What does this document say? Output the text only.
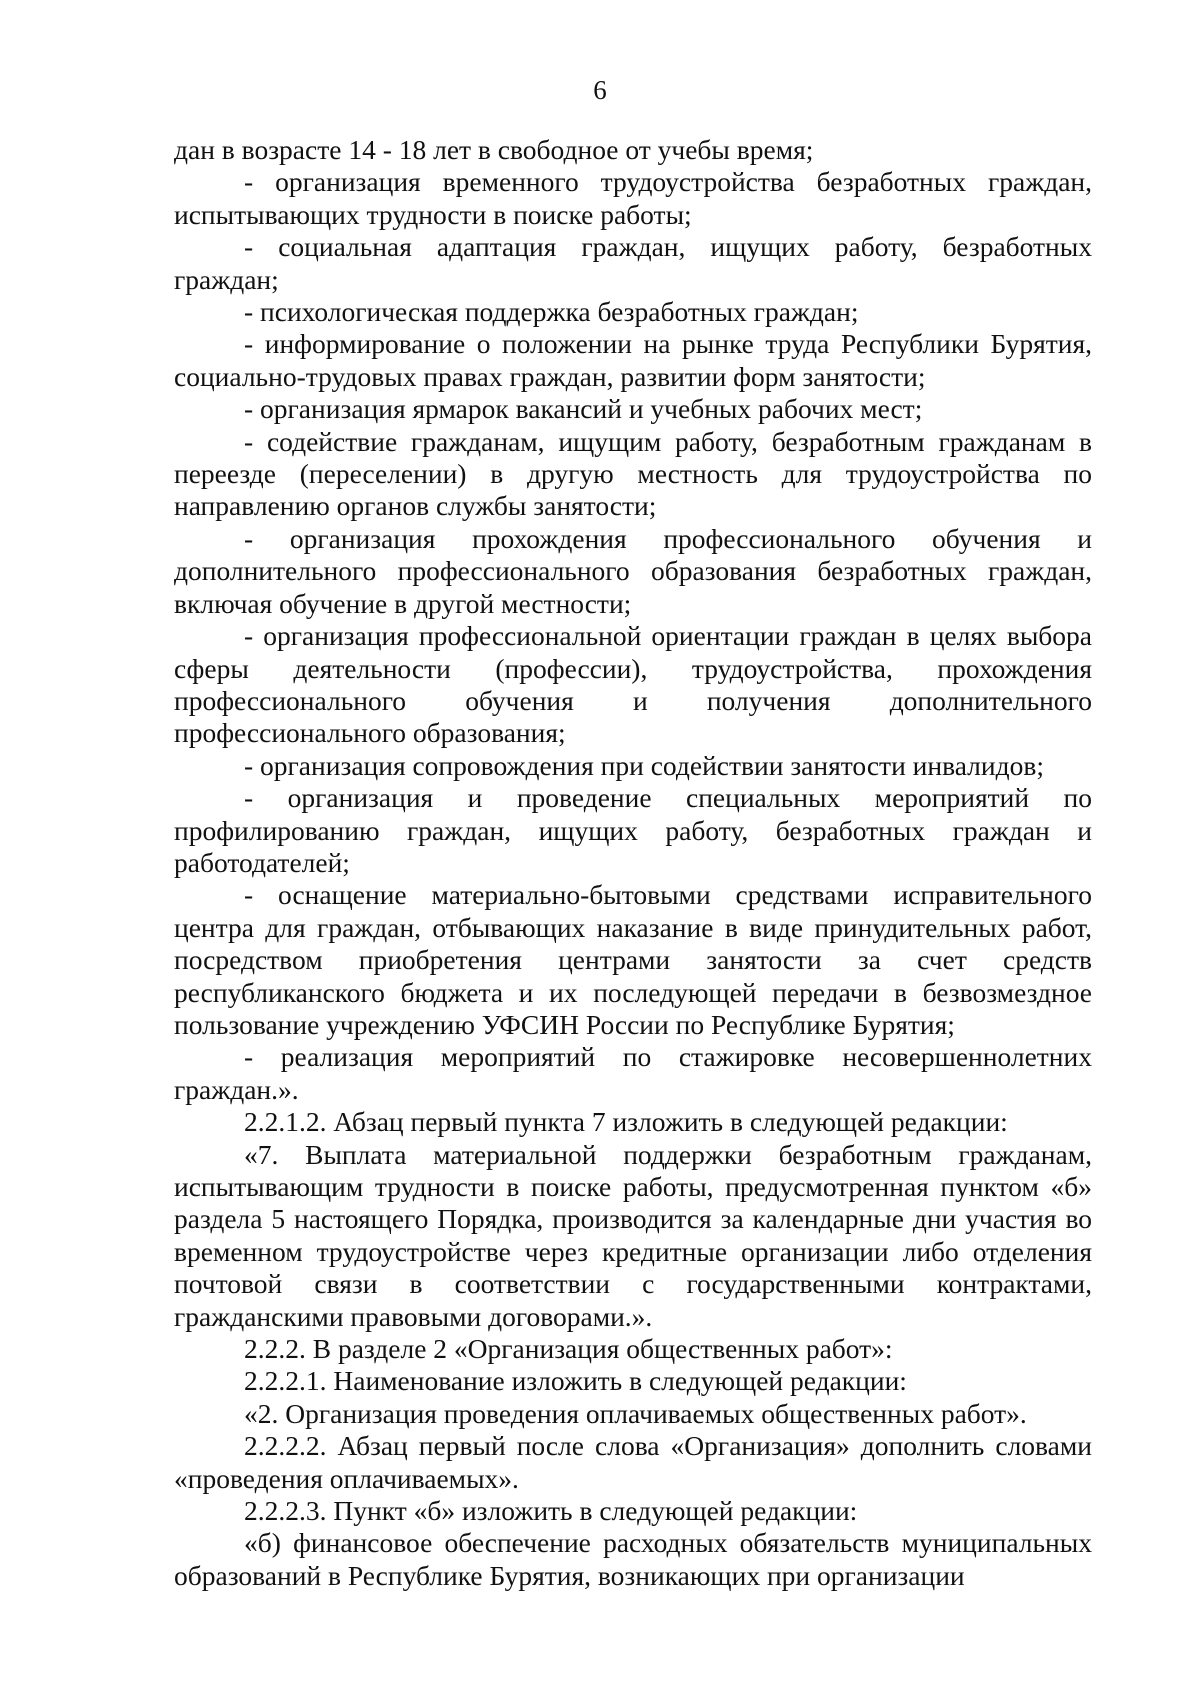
6

дан в возрасте 14 - 18 лет в свободное от учебы время;

- организация временного трудоустройства безработных граждан, испытывающих трудности в поиске работы;

- социальная адаптация граждан, ищущих работу, безработных граждан;

- психологическая поддержка безработных граждан;

- информирование о положении на рынке труда Республики Бурятия, социально-трудовых правах граждан, развитии форм занятости;

- организация ярмарок вакансий и учебных рабочих мест;

- содействие гражданам, ищущим работу, безработным гражданам в переезде (переселении) в другую местность для трудоустройства по направлению органов службы занятости;

- организация прохождения профессионального обучения и дополнительного профессионального образования безработных граждан, включая обучение в другой местности;

- организация профессиональной ориентации граждан в целях выбора сферы деятельности (профессии), трудоустройства, прохождения профессионального обучения и получения дополнительного профессионального образования;

- организация сопровождения при содействии занятости инвалидов;

- организация и проведение специальных мероприятий по профилированию граждан, ищущих работу, безработных граждан и работодателей;

- оснащение материально-бытовыми средствами исправительного центра для граждан, отбывающих наказание в виде принудительных работ, посредством приобретения центрами занятости за счет средств республиканского бюджета и их последующей передачи в безвозмездное пользование учреждению УФСИН России по Республике Бурятия;

- реализация мероприятий по стажировке несовершеннолетних граждан.».

2.2.1.2. Абзац первый пункта 7 изложить в следующей редакции:

«7. Выплата материальной поддержки безработным гражданам, испытывающим трудности в поиске работы, предусмотренная пунктом «б» раздела 5 настоящего Порядка, производится за календарные дни участия во временном трудоустройстве через кредитные организации либо отделения почтовой связи в соответствии с государственными контрактами, гражданскими правовыми договорами.».

2.2.2. В разделе 2 «Организация общественных работ»:

2.2.2.1. Наименование изложить в следующей редакции:

«2. Организация проведения оплачиваемых общественных работ».

2.2.2.2. Абзац первый после слова «Организация» дополнить словами «проведения оплачиваемых».

2.2.2.3. Пункт «б» изложить в следующей редакции:

«б) финансовое обеспечение расходных обязательств муниципальных образований в Республике Бурятия, возникающих при организации
